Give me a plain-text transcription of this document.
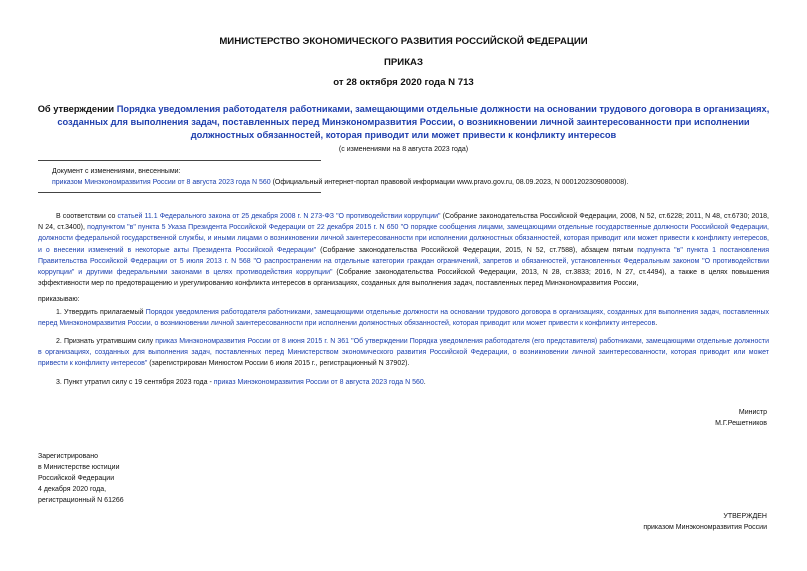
МИНИСТЕРСТВО ЭКОНОМИЧЕСКОГО РАЗВИТИЯ РОССИЙСКОЙ ФЕДЕРАЦИИ
ПРИКАЗ
от 28 октября 2020 года N 713
Об утверждении Порядка уведомления работодателя работниками, замещающими отдельные должности на основании трудового договора в организациях, созданных для выполнения задач, поставленных перед Минэкономразвития России, о возникновении личной заинтересованности при исполнении должностных обязанностей, которая приводит или может привести к конфликту интересов
(с изменениями на 8 августа 2023 года)
Документ с изменениями, внесенными:
приказом Минэкономразвития России от 8 августа 2023 года N 560 (Официальный интернет-портал правовой информации www.pravo.gov.ru, 08.09.2023, N 0001202309080008).
В соответствии со статьей 11.1 Федерального закона от 25 декабря 2008 г. N 273-ФЗ "О противодействии коррупции" (Собрание законодательства Российской Федерации, 2008, N 52, ст.6228; 2011, N 48, ст.6730; 2018, N 24, ст.3400), подпунктом "в" пункта 5 Указа Президента Российской Федерации от 22 декабря 2015 г. N 650 "О порядке сообщения лицами, замещающими отдельные государственные должности Российской Федерации, должности федеральной государственной службы, и иными лицами о возникновении личной заинтересованности при исполнении должностных обязанностей, которая приводит или может привести к конфликту интересов, и о внесении изменений в некоторые акты Президента Российской Федерации" (Собрание законодательства Российской Федерации, 2015, N 52, ст.7588), абзацем пятым подпункта "в" пункта 1 постановления Правительства Российской Федерации от 5 июля 2013 г. N 568 "О распространении на отдельные категории граждан ограничений, запретов и обязанностей, установленных Федеральным законом "О противодействии коррупции" и другими федеральными законами в целях противодействия коррупции" (Собрание законодательства Российской Федерации, 2013, N 28, ст.3833; 2016, N 27, ст.4494), а также в целях повышения эффективности мер по предотвращению и урегулированию конфликта интересов в организациях, созданных для выполнения задач, поставленных перед Минэкономразвития России,
приказываю:
1. Утвердить прилагаемый Порядок уведомления работодателя работниками, замещающими отдельные должности на основании трудового договора в организациях, созданных для выполнения задач, поставленных перед Минэкономразвития России, о возникновении личной заинтересованности при исполнении должностных обязанностей, которая приводит или может привести к конфликту интересов.
2. Признать утратившим силу приказ Минэкономразвития России от 8 июня 2015 г. N 361 "Об утверждении Порядка уведомления работодателя (его представителя) работниками, замещающими отдельные должности в организациях, созданных для выполнения задач, поставленных перед Министерством экономического развития Российской Федерации, о возникновении личной заинтересованности, которая приводит или может привести к конфликту интересов" (зарегистрирован Минюстом России 6 июля 2015 г., регистрационный N 37902).
3. Пункт утратил силу с 19 сентября 2023 года - приказ Минэкономразвития России от 8 августа 2023 года N 560.
Министр
М.Г.Решетников
Зарегистрировано
в Министерстве юстиции
Российской Федерации
4 декабря 2020 года,
регистрационный N 61266
УТВЕРЖДЕН
приказом Минэкономразвития России
